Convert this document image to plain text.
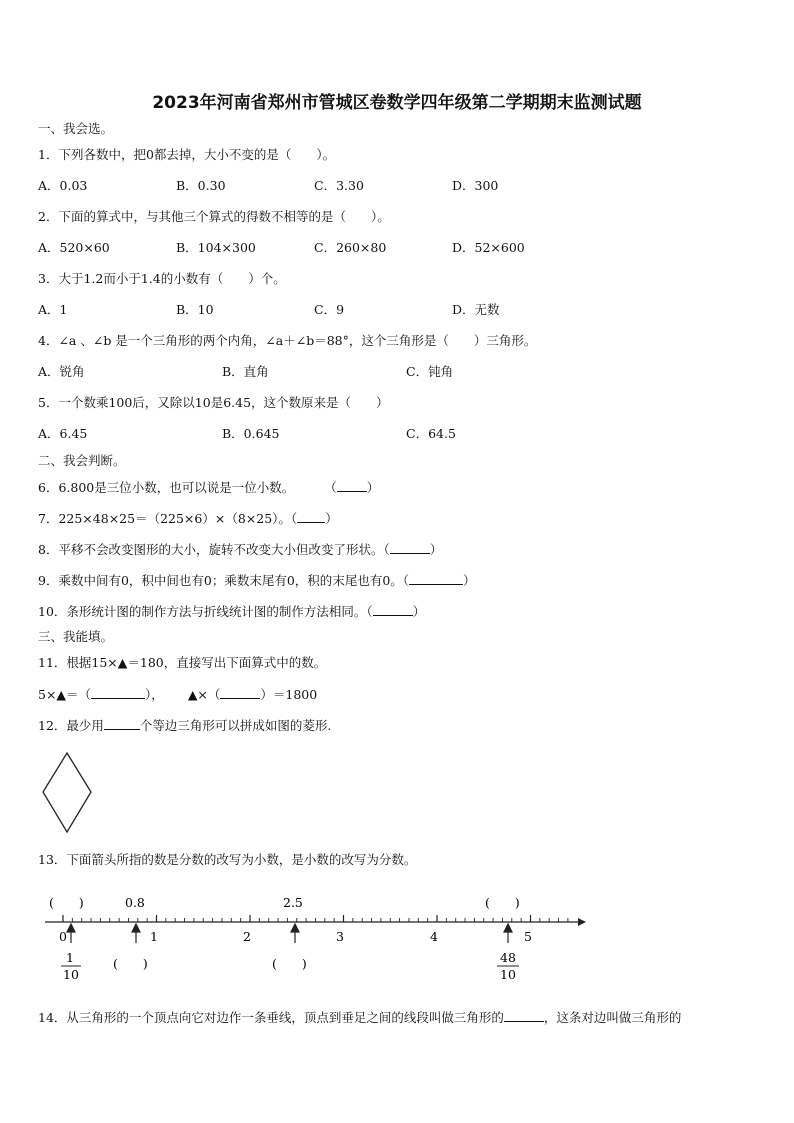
2023年河南省郑州市管城区卷数学四年级第二学期期末监测试题
一、我会选。
1．下列各数中，把0都去掉，大小不变的是（　　）。
A．0.03	B．0.30	C．3.30	D．300
2．下面的算式中，与其他三个算式的得数不相等的是（　　）。
A．520×60	B．104×300	C．260×80	D．52×600
3．大于1.2而小于1.4的小数有（　　）个。
A．1	B．10	C．9	D．无数
4．∠a 、∠b 是一个三角形的两个内角，∠a＋∠b＝88°，这个三角形是（　　）三角形。
A．锐角	B．直角	C．钝角
5．一个数乘100后，又除以10是6.45，这个数原来是（　　）
A．6.45	B．0.645	C．64.5
二、我会判断。
6．6.800是三位小数，也可以说是一位小数。 （ ）
7．225×48×25＝（225×6）×（8×25）。（ ）
8．平移不会改变图形的大小，旋转不改变大小但改变了形状。（	）
9．乘数中间有0，积中间也有0；乘数末尾有0，积的末尾也有0。（	）
10．条形统计图的制作方法与折线统计图的制作方法相同。（	）
三、我能填。
11．根据15×▲＝180，直接写出下面算式中的数。
5×▲＝（	）， ▲×（	）＝1800
12．最少用	个等边三角形可以拼成如图的菱形.
13．下面箭头所指的数是分数的改写为小数，是小数的改写为分数。
(　　)	0.8	2.5	(　　)
0	1	2	3	4	5
1
10
(　　)	(　　)	48
10
14．从三角形的一个顶点向它对边作一条垂线，顶点到垂足之间的线段叫做三角形的	，这条对边叫做三角形的
